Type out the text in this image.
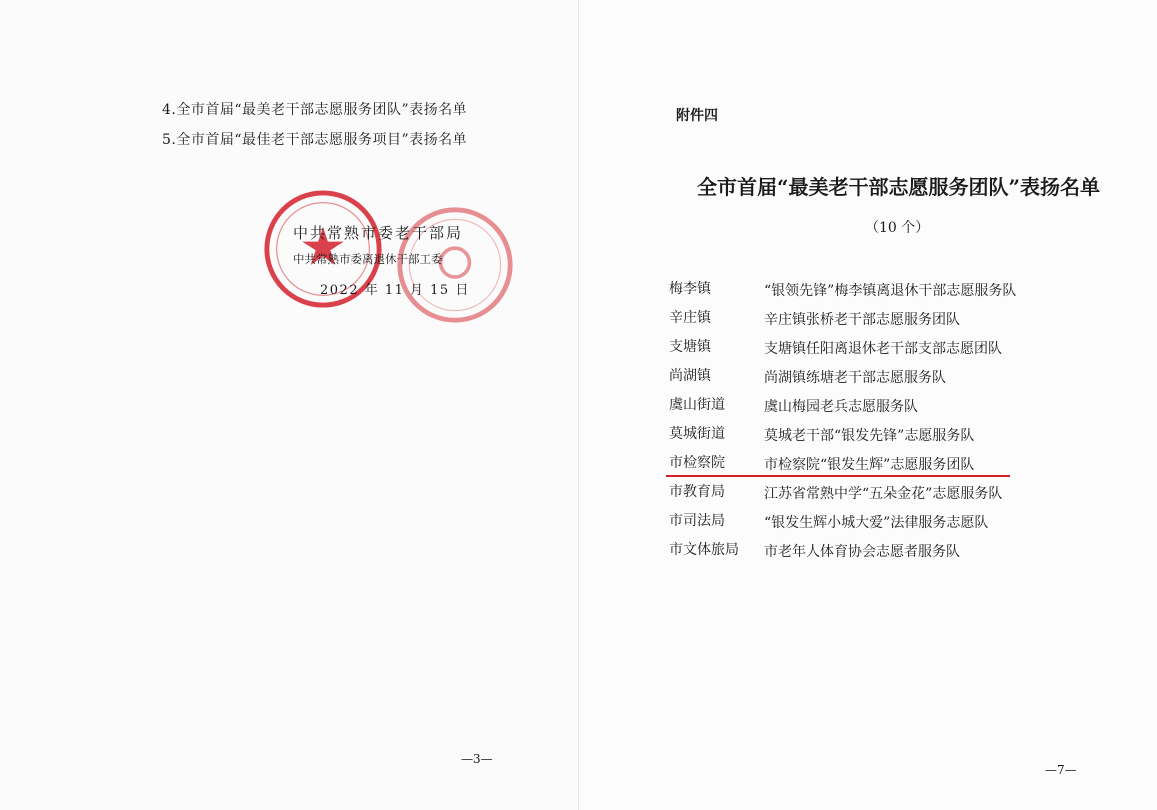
4.全市首届“最美老干部志愿服务团队”表扬名单
5.全市首届“最佳老干部志愿服务项目”表扬名单
中共常熟市委老干部局
中共常熟市委离退休干部工委
2022 年 11 月 15 日
—3—
附件四
全市首届“最美老干部志愿服务团队”表扬名单
（10 个）
梅李镇	“银领先锋”梅李镇离退休干部志愿服务队
辛庄镇	辛庄镇张桥老干部志愿服务团队
支塘镇	支塘镇任阳离退休老干部支部志愿团队
尚湖镇	尚湖镇练塘老干部志愿服务队
虞山街道	虞山梅园老兵志愿服务队
莫城街道	莫城老干部“银发先锋”志愿服务队
市检察院	市检察院“银发生辉”志愿服务团队
市教育局	江苏省常熟中学“五朵金花”志愿服务队
市司法局	“银发生辉小城大爱”法律服务志愿队
市文体旅局 市老年人体育协会志愿者服务队
—7—
